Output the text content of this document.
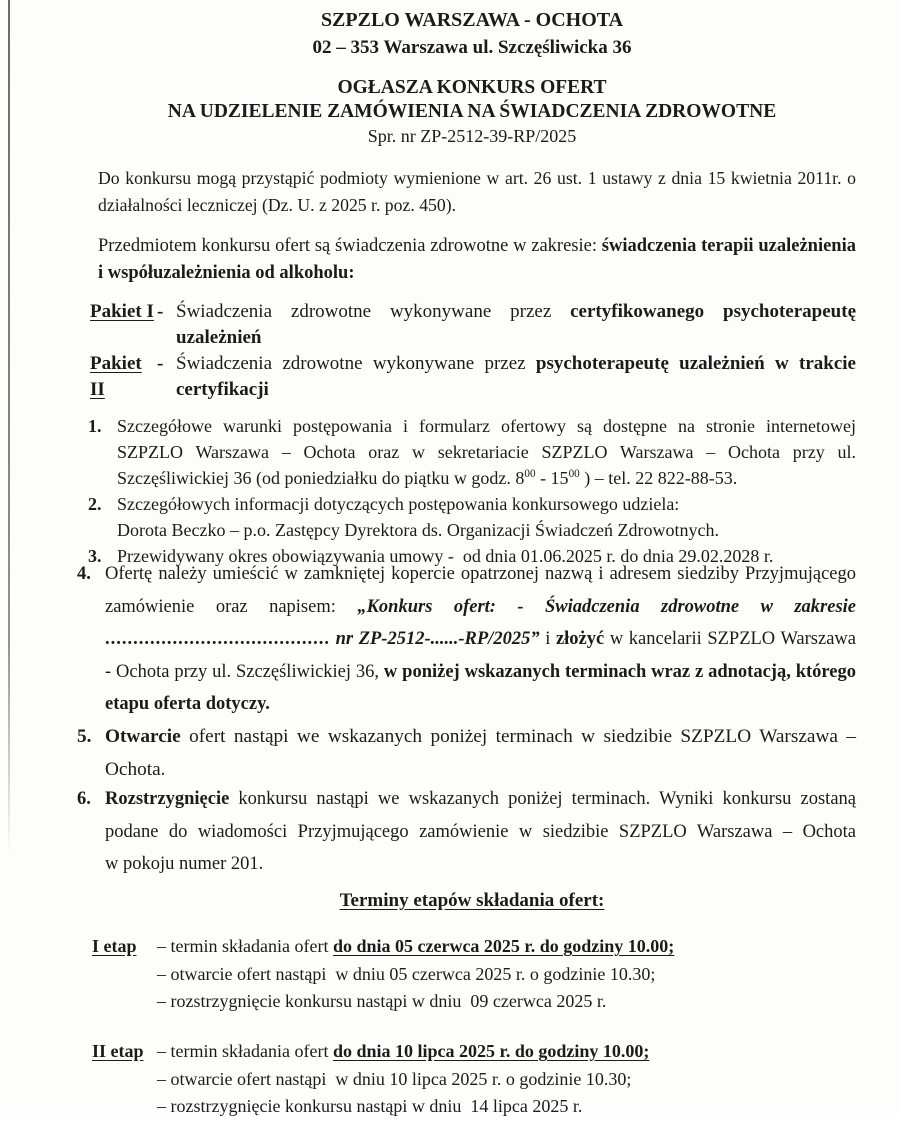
SZPZLO WARSZAWA - OCHOTA
02 – 353 Warszawa ul. Szczęśliwicka 36
OGŁASZA KONKURS OFERT
NA UDZIELENIE ZAMÓWIENIA NA ŚWIADCZENIA ZDROWOTNE
Spr. nr ZP-2512-39-RP/2025
Do konkursu mogą przystąpić podmioty wymienione w art. 26 ust. 1 ustawy z dnia 15 kwietnia 2011r. o działalności leczniczej (Dz. U. z 2025 r. poz. 450).
Przedmiotem konkursu ofert są świadczenia zdrowotne w zakresie: świadczenia terapii uzależnienia i współuzależnienia od alkoholu:
Pakiet I - Świadczenia zdrowotne wykonywane przez certyfikowanego psychoterapeutę uzależnień
Pakiet II
- Świadczenia zdrowotne wykonywane przez psychoterapeutę uzależnień w trakcie certyfikacji
1. Szczegółowe warunki postępowania i formularz ofertowy są dostępne na stronie internetowej SZPZLO Warszawa – Ochota oraz w sekretariacie SZPZLO Warszawa – Ochota przy ul. Szczęśliwickiej 36 (od poniedziałku do piątku w godz. $8^{00} - 15^{00}$ ) – tel. 22 822-88-53.
2. Szczegółowych informacji dotyczących postępowania konkursowego udziela:
Dorota Beczko – p.o. Zastępcy Dyrektora ds. Organizacji Świadczeń Zdrowotnych.
3. Przewidywany okres obowiązywania umowy -  od dnia 01.06.2025 r. do dnia 29.02.2028 r.
4. Ofertę należy umieścić w zamkniętej kopercie opatrzonej nazwą i adresem siedziby Przyjmującego zamówienie oraz napisem: „Konkurs ofert: - Świadczenia zdrowotne w zakresie ........................................ nr ZP-2512-......-RP/2025” i złożyć w kancelarii SZPZLO Warszawa - Ochota przy ul. Szczęśliwickiej 36, w poniżej wskazanych terminach wraz z adnotacją, którego etapu oferta dotyczy.
5. Otwarcie ofert nastąpi we wskazanych poniżej terminach w siedzibie SZPZLO Warszawa – Ochota.
6. Rozstrzygnięcie konkursu nastąpi we wskazanych poniżej terminach. Wyniki konkursu zostaną podane do wiadomości Przyjmującego zamówienie w siedzibie SZPZLO Warszawa – Ochota w pokoju numer 201.
Terminy etapów składania ofert:
I etap	– termin składania ofert do dnia 05 czerwca 2025 r. do godziny 10.00;
– otwarcie ofert nastąpi  w dniu 05 czerwca 2025 r. o godzinie 10.30;
– rozstrzygnięcie konkursu nastąpi w dniu  09 czerwca 2025 r.
II etap – termin składania ofert do dnia 10 lipca 2025 r. do godziny 10.00;
– otwarcie ofert nastąpi  w dniu 10 lipca 2025 r. o godzinie 10.30;
– rozstrzygnięcie konkursu nastąpi w dniu  14 lipca 2025 r.
